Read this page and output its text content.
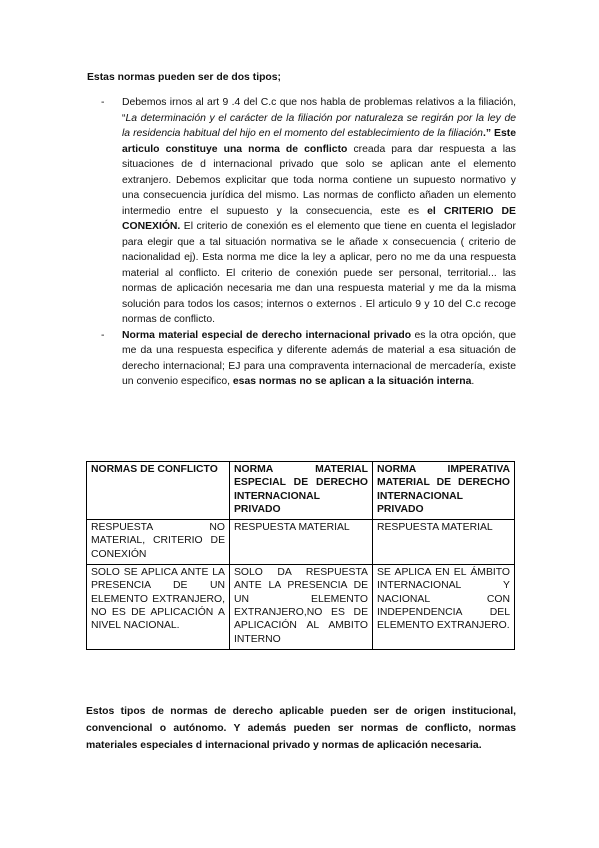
Estas normas pueden ser de dos tipos;
- Debemos irnos al art 9 .4 del C.c que nos habla de problemas relativos a la filiación, “La determinación y el carácter de la filiación por naturaleza se regirán por la ley de la residencia habitual del hijo en el momento del establecimiento de la filiación.” Este articulo constituye una norma de conflicto creada para dar respuesta a las situaciones de d internacional privado que solo se aplican ante el elemento extranjero. Debemos explicitar que toda norma contiene un supuesto normativo y una consecuencia jurídica del mismo. Las normas de conflicto añaden un elemento intermedio entre el supuesto y la consecuencia, este es el CRITERIO DE CONEXIÓN. El criterio de conexión es el elemento que tiene en cuenta el legislador para elegir que a tal situación normativa se le añade x consecuencia ( criterio de nacionalidad ej). Esta norma me dice la ley a aplicar, pero no me da una respuesta material al conflicto. El criterio de conexión puede ser personal, territorial... las normas de aplicación necesaria me dan una respuesta material y me da la misma solución para todos los casos; internos o externos . El articulo 9 y 10 del C.c recoge normas de conflicto.
- Norma material especial de derecho internacional privado es la otra opción, que me da una respuesta especifica y diferente además de material a esa situación de derecho internacional; EJ para una compraventa internacional de mercadería, existe un convenio especifico, esas normas no se aplican a la situación interna.
NORMAS DE CONFLICTO	NORMA MATERIAL ESPECIAL DE DERECHO INTERNACIONAL PRIVADO	NORMA IMPERATIVA MATERIAL DE DERECHO INTERNACIONAL PRIVADO
RESPUESTA NO MATERIAL, CRITERIO DE CONEXIÓN	RESPUESTA MATERIAL	RESPUESTA MATERIAL
SOLO SE APLICA ANTE LA PRESENCIA DE UN ELEMENTO EXTRANJERO, NO ES DE APLICACIÓN A NIVEL NACIONAL.	SOLO DA RESPUESTA ANTE LA PRESENCIA DE UN ELEMENTO EXTRANJERO,NO ES DE APLICACIÓN AL AMBITO INTERNO	SE APLICA EN EL ÁMBITO INTERNACIONAL Y NACIONAL CON INDEPENDENCIA DEL ELEMENTO EXTRANJERO.
Estos tipos de normas de derecho aplicable pueden ser de origen institucional, convencional o autónomo. Y además pueden ser normas de conflicto, normas materiales especiales d internacional privado y normas de aplicación necesaria.
